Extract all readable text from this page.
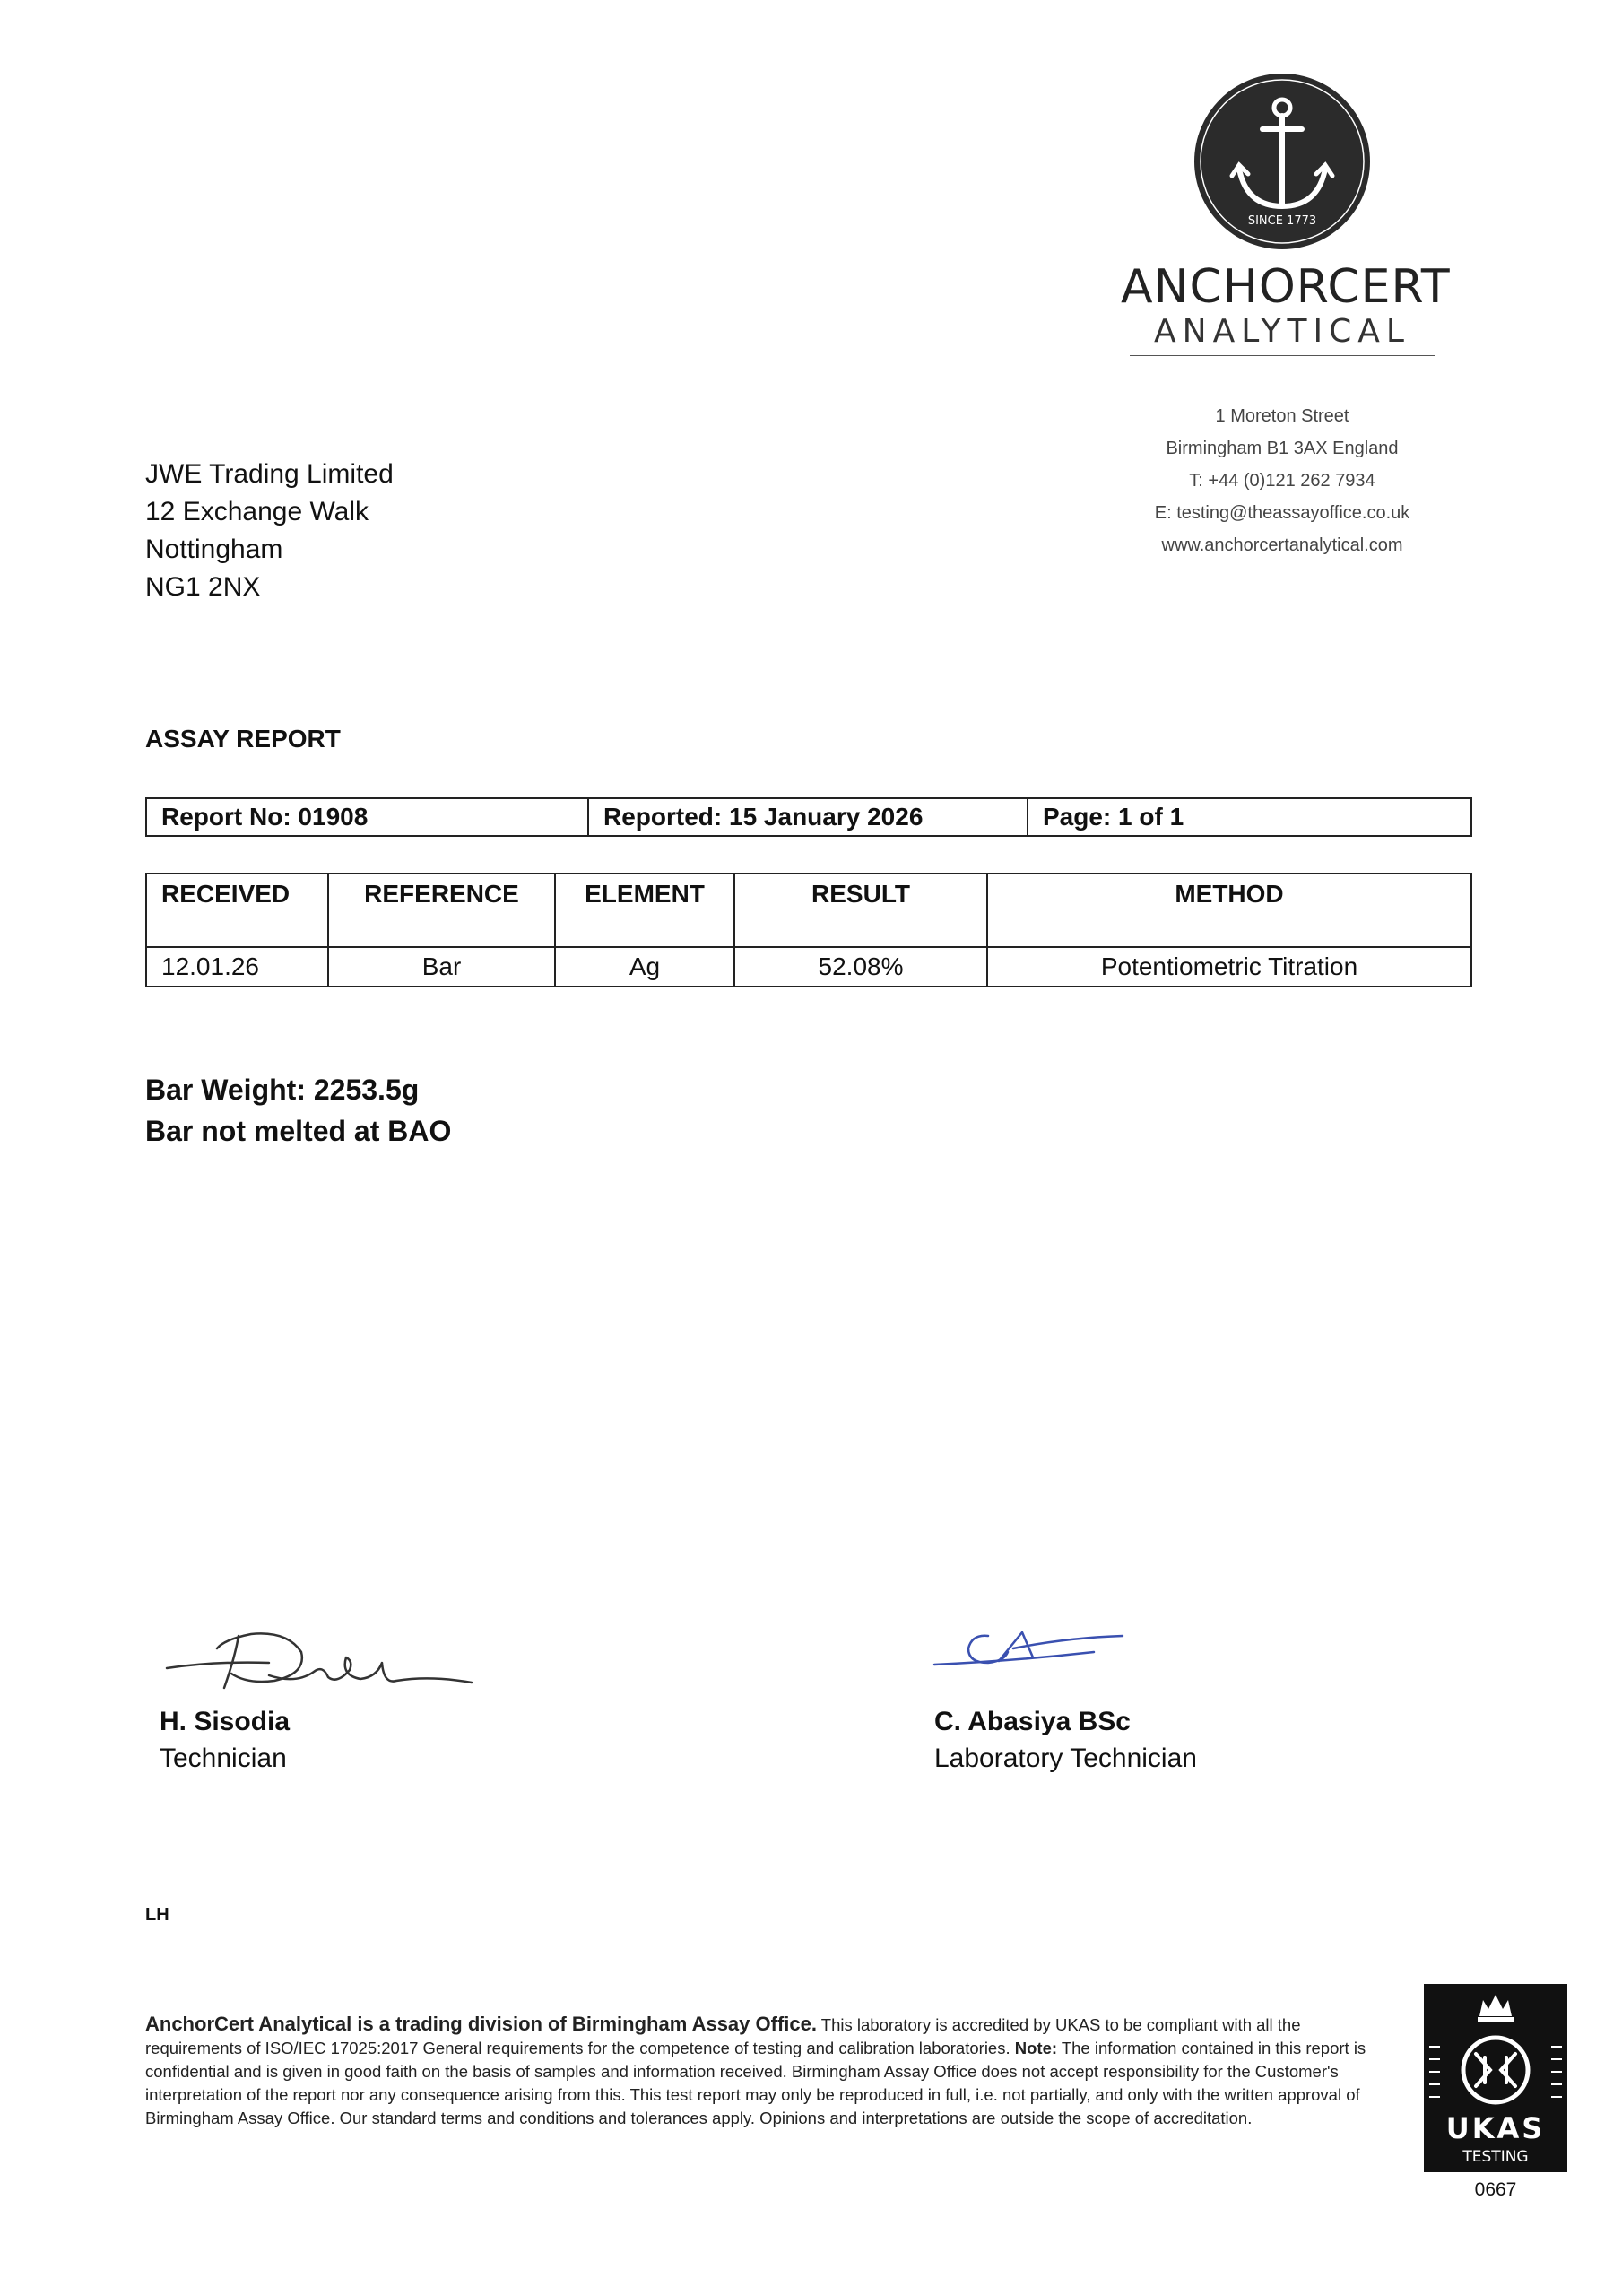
SINCE 1773
ANCHORCERT
ANALYTICAL
1 Moreton Street
Birmingham B1 3AX England
T: +44 (0)121 262 7934
E: testing@theassayoffice.co.uk
www.anchorcertanalytical.com
JWE Trading Limited
12 Exchange Walk
Nottingham
NG1 2NX
ASSAY REPORT
Report No: 01908	Reported: 15 January 2026	Page: 1 of 1
RECEIVED	REFERENCE	ELEMENT	RESULT	METHOD
12.01.26	Bar	Ag	52.08%	Potentiometric Titration
Bar Weight: 2253.5g
Bar not melted at BAO
H. Sisodia
Technician
C. Abasiya BSc
Laboratory Technician
LH
AnchorCert Analytical is a trading division of Birmingham Assay Office. This laboratory is accredited by UKAS to be compliant with all the requirements of ISO/IEC 17025:2017 General requirements for the competence of testing and calibration laboratories. Note: The information contained in this report is confidential and is given in good faith on the basis of samples and information received. Birmingham Assay Office does not accept responsibility for the Customer's interpretation of the report nor any consequence arising from this. This test report may only be reproduced in full, i.e. not partially, and only with the written approval of Birmingham Assay Office. Our standard terms and conditions and tolerances apply. Opinions and interpretations are outside the scope of accreditation.	UKAS
TESTING
0667
